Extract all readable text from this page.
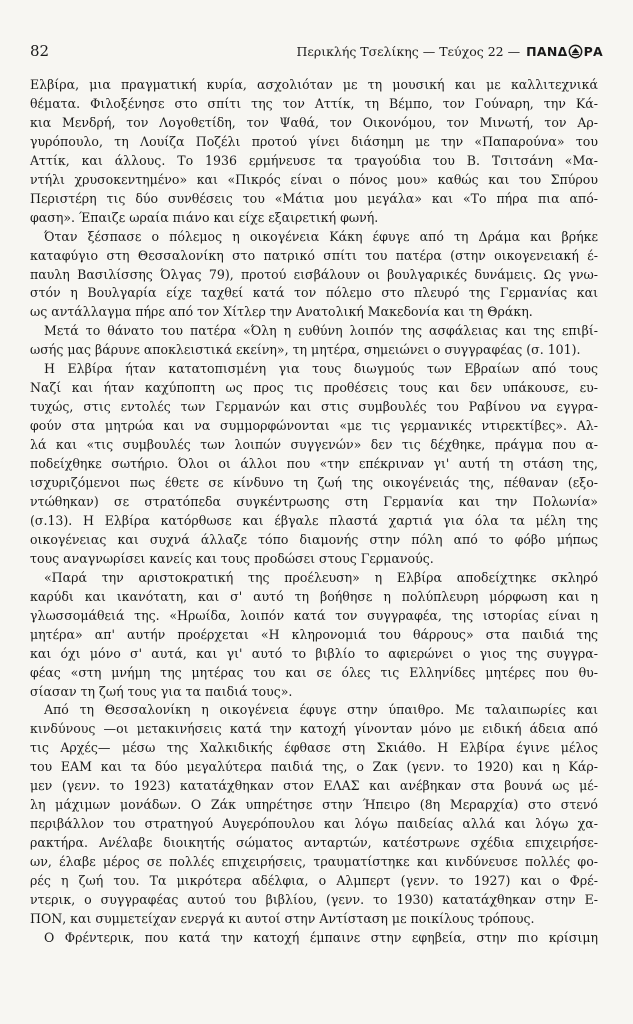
82	Περικλής Τσελίκης — Τεύχος 22 — ΠΑΝΔ ΡΑ

Ελβίρα, μια πραγματική κυρία, ασχολιόταν με τη μουσική και με καλλιτεχνικά
θέματα. Φιλοξένησε στο σπίτι της τον Αττίκ, τη Βέμπο, τον Γούναρη, την Κά-
κια Μενδρή, τον Λογοθετίδη, τον Ψαθά, τον Οικονόμου, τον Μινωτή, τον Αρ-
γυρόπουλο, τη Λουίζα Ποζέλι προτού γίνει διάσημη με την «Παπαρούνα» του
Αττίκ, και άλλους. Το 1936 ερμήνευσε τα τραγούδια του Β. Τσιτσάνη «Μα-
ντήλι χρυσοκεντημένο» και «Πικρός είναι ο πόνος μου» καθώς και του Σπύρου
Περιστέρη τις δύο συνθέσεις του «Μάτια μου μεγάλα» και «Το πήρα πια από-
φαση». Έπαιζε ωραία πιάνο και είχε εξαιρετική φωνή.

Όταν ξέσπασε ο πόλεμος η οικογένεια Κάκη έφυγε από τη Δράμα και βρήκε
καταφύγιο στη Θεσσαλονίκη στο πατρικό σπίτι του πατέρα (στην οικογενειακή έ-
παυλη Βασιλίσσης Όλγας 79), προτού εισβάλουν οι βουλγαρικές δυνάμεις. Ως γνω-
στόν η Βουλγαρία είχε ταχθεί κατά τον πόλεμο στο πλευρό της Γερμανίας και
ως αντάλλαγμα πήρε από τον Χίτλερ την Ανατολική Μακεδονία και τη Θράκη.

Μετά το θάνατο του πατέρα «Όλη η ευθύνη λοιπόν της ασφάλειας και της επιβί-
ωσής μας βάρυνε αποκλειστικά εκείνη», τη μητέρα, σημειώνει ο συγγραφέας (σ. 101).

Η Ελβίρα ήταν κατατοπισμένη για τους διωγμούς των Εβραίων από τους
Ναζί και ήταν καχύποπτη ως προς τις προθέσεις τους και δεν υπάκουσε, ευ-
τυχώς, στις εντολές των Γερμανών και στις συμβουλές του Ραβίνου να εγγρα-
φούν στα μητρώα και να συμμορφώνονται «με τις γερμανικές ντιρεκτίβες». Αλ-
λά και «τις συμβουλές των λοιπών συγγενών» δεν τις δέχθηκε, πράγμα που α-
ποδείχθηκε σωτήριο. Όλοι οι άλλοι που «την επέκριναν γι' αυτή τη στάση της,
ισχυριζόμενοι πως έθετε σε κίνδυνο τη ζωή της οικογένειάς της, πέθαναν (εξο-
ντώθηκαν) σε στρατόπεδα συγκέντρωσης στη Γερμανία και την Πολωνία»
(σ.13). Η Ελβίρα κατόρθωσε και έβγαλε πλαστά χαρτιά για όλα τα μέλη της
οικογένειας και συχνά άλλαζε τόπο διαμονής στην πόλη από το φόβο μήπως
τους αναγνωρίσει κανείς και τους προδώσει στους Γερμανούς.

«Παρά την αριστοκρατική της προέλευση» η Ελβίρα αποδείχτηκε σκληρό
καρύδι και ικανότατη, και σ' αυτό τη βοήθησε η πολύπλευρη μόρφωση και η
γλωσσομάθειά της. «Ηρωίδα, λοιπόν κατά τον συγγραφέα, της ιστορίας είναι η
μητέρα» απ' αυτήν προέρχεται «Η κληρονομιά του θάρρους» στα παιδιά της
και όχι μόνο σ' αυτά, και γι' αυτό το βιβλίο το αφιερώνει ο γιος της συγγρα-
φέας «στη μνήμη της μητέρας του και σε όλες τις Ελληνίδες μητέρες που θυ-
σίασαν τη ζωή τους για τα παιδιά τους».

Από τη Θεσσαλονίκη η οικογένεια έφυγε στην ύπαιθρο. Με ταλαιπωρίες και
κινδύνους —οι μετακινήσεις κατά την κατοχή γίνονταν μόνο με ειδική άδεια από
τις Αρχές— μέσω της Χαλκιδικής έφθασε στη Σκιάθο. Η Ελβίρα έγινε μέλος
του ΕΑΜ και τα δύο μεγαλύτερα παιδιά της, ο Ζακ (γενν. το 1920) και η Κάρ-
μεν (γενν. το 1923) κατατάχθηκαν στον ΕΛΑΣ και ανέβηκαν στα βουνά ως μέ-
λη μάχιμων μονάδων. Ο Ζάκ υπηρέτησε στην Ήπειρο (8η Μεραρχία) στο στενό
περιβάλλον του στρατηγού Αυγερόπουλου και λόγω παιδείας αλλά και λόγω χα-
ρακτήρα. Ανέλαβε διοικητής σώματος ανταρτών, κατέστρωνε σχέδια επιχειρήσε-
ων, έλαβε μέρος σε πολλές επιχειρήσεις, τραυματίστηκε και κινδύνευσε πολλές φο-
ρές η ζωή του. Τα μικρότερα αδέλφια, ο Αλμπερτ (γενν. το 1927) και ο Φρέ-
ντερικ, ο συγγραφέας αυτού του βιβλίου, (γενν. το 1930) κατατάχθηκαν στην Ε-
ΠΟΝ, και συμμετείχαν ενεργά κι αυτοί στην Αντίσταση με ποικίλους τρόπους.

Ο Φρέντερικ, που κατά την κατοχή έμπαινε στην εφηβεία, στην πιο κρίσιμη
